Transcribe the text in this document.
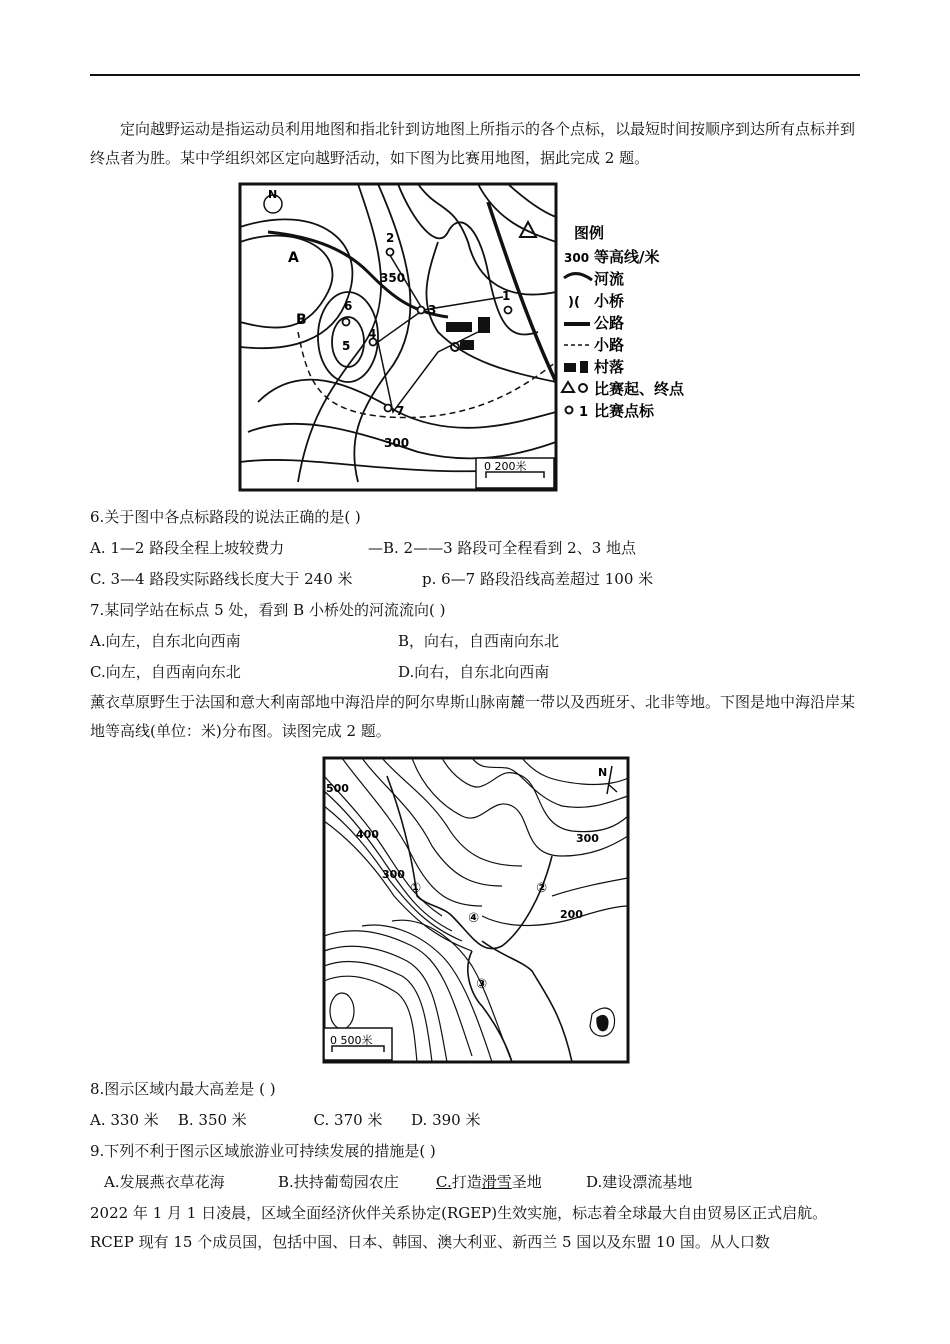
定向越野运动是指运动员利用地图和指北针到访地图上所指示的各个点标，以最短时间按顺序到达所有点标并到终点者为胜。某中学组织郊区定向越野活动，如下图为比赛用地图，据此完成 2 题。
N
A
B
1
2
3
4
5
6
7
350
300
0 200米
图例
300 等高线/米
河流
)( 小桥
公路
小路
村落
比赛起、终点
1 比赛点标
6.关于图中各点标路段的说法正确的是( )
A. 1—2 路段全程上坡较费力	—B. 2——3 路段可全程看到 2、3 地点
C. 3—4 路段实际路线长度大于 240 米	p. 6—7 路段沿线高差超过 100 米
7.某同学站在标点 5 处，看到 B 小桥处的河流流向( )
A.向左，自东北向西南	B，向右，自西南向东北
C.向左，自西南向东北	D.向右，自东北向西南
薰衣草原野生于法国和意大利南部地中海沿岸的阿尔卑斯山脉南麓一带以及西班牙、北非等地。下图是地中海沿岸某地等高线(单位：米)分布图。读图完成 2 题。
N
500
400
300
300
200
①	②
③
④
0 500米
8.图示区域内最大高差是 ( )
A. 330 米    B. 350 米              C. 370 米      D. 390 米
9.下列不利于图示区域旅游业可持续发展的措施是( )
A.发展燕衣草花海	B.扶持葡萄园农庄	C.打造滑雪圣地	D.建设漂流基地
2022 年 1 月 1 日凌晨，区域全面经济伙伴关系协定(RGEP)生效实施，标志着全球最大自由贸易区正式启航。RCEP 现有 15 个成员国，包括中国、日本、韩国、澳大利亚、新西兰 5 国以及东盟 10 国。从人口数
